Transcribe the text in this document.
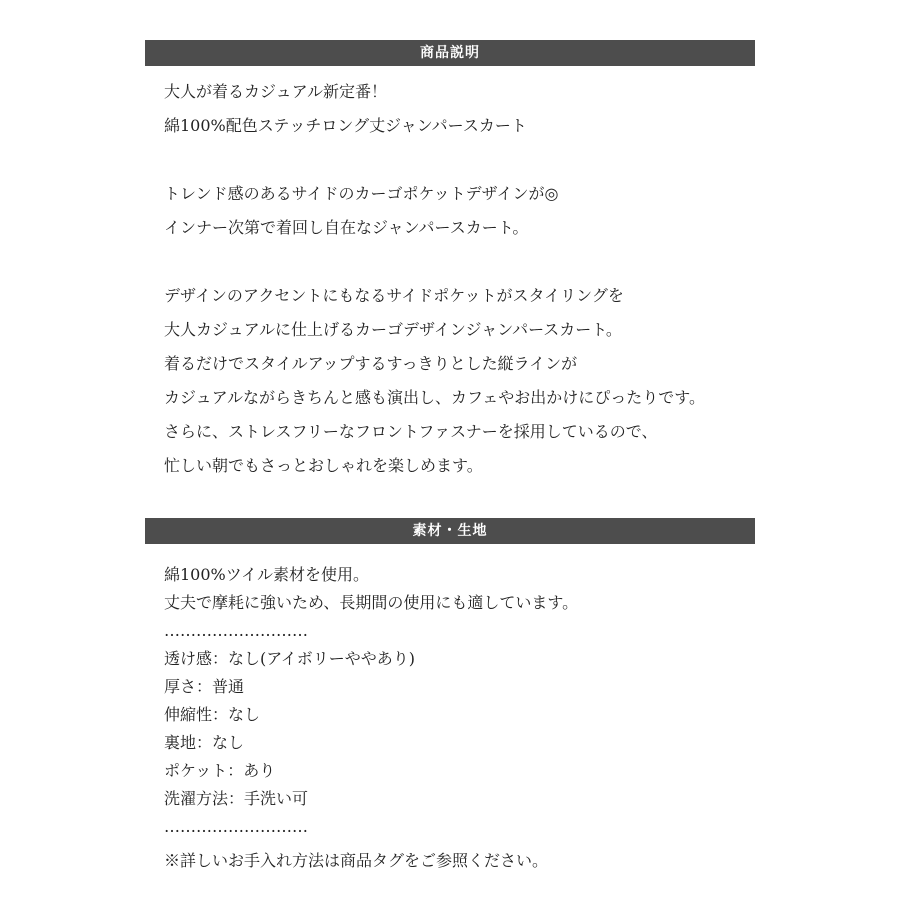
商品説明
大人が着るカジュアル新定番！
綿100%配色ステッチロング丈ジャンパースカート
トレンド感のあるサイドのカーゴポケットデザインが◎
インナー次第で着回し自在なジャンパースカート。
デザインのアクセントにもなるサイドポケットがスタイリングを
大人カジュアルに仕上げるカーゴデザインジャンパースカート。
着るだけでスタイルアップするすっきりとした縦ラインが
カジュアルながらきちんと感も演出し、カフェやお出かけにぴったりです。
さらに、ストレスフリーなフロントファスナーを採用しているので、
忙しい朝でもさっとおしゃれを楽しめます。
素材・生地
綿100%ツイル素材を使用。
丈夫で摩耗に強いため、長期間の使用にも適しています。
………………………
透け感：なし(アイボリーややあり)
厚さ：普通
伸縮性：なし
裏地：なし
ポケット：あり
洗濯方法：手洗い可
………………………
※詳しいお手入れ方法は商品タグをご参照ください。
